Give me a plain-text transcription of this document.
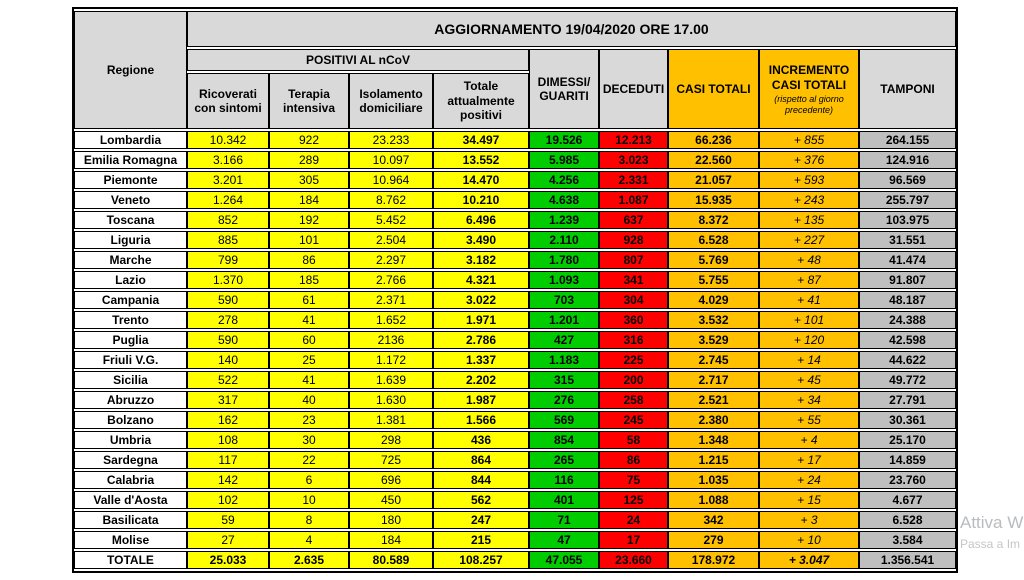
Regione	AGGIORNAMENTO 19/04/2020 ORE 17.00								
	POSITIVI AL nCoV				DIMESSI/ GUARITI	DECEDUTI	CASI TOTALI	INCREMENTO CASI TOTALI
(rispetto al giorno precedente)	TAMPONI
	Ricoverati con sintomi	Terapia intensiva	Isolamento domiciliare	Totale attualmente positivi					
Lombardia	10.342	922	23.233	34.497	19.526	12.213	66.236	+ 855	264.155
Emilia Romagna	3.166	289	10.097	13.552	5.985	3.023	22.560	+ 376	124.916
Piemonte	3.201	305	10.964	14.470	4.256	2.331	21.057	+ 593	96.569
Veneto	1.264	184	8.762	10.210	4.638	1.087	15.935	+ 243	255.797
Toscana	852	192	5.452	6.496	1.239	637	8.372	+ 135	103.975
Liguria	885	101	2.504	3.490	2.110	928	6.528	+ 227	31.551
Marche	799	86	2.297	3.182	1.780	807	5.769	+ 48	41.474
Lazio	1.370	185	2.766	4.321	1.093	341	5.755	+ 87	91.807
Campania	590	61	2.371	3.022	703	304	4.029	+ 41	48.187
Trento	278	41	1.652	1.971	1.201	360	3.532	+ 101	24.388
Puglia	590	60	2136	2.786	427	316	3.529	+ 120	42.598
Friuli V.G.	140	25	1.172	1.337	1.183	225	2.745	+ 14	44.622
Sicilia	522	41	1.639	2.202	315	200	2.717	+ 45	49.772
Abruzzo	317	40	1.630	1.987	276	258	2.521	+ 34	27.791
Bolzano	162	23	1.381	1.566	569	245	2.380	+ 55	30.361
Umbria	108	30	298	436	854	58	1.348	+ 4	25.170
Sardegna	117	22	725	864	265	86	1.215	+ 17	14.859
Calabria	142	6	696	844	116	75	1.035	+ 24	23.760
Valle d'Aosta	102	10	450	562	401	125	1.088	+ 15	4.677
Basilicata	59	8	180	247	71	24	342	+ 3	6.528
Molise	27	4	184	215	47	17	279	+ 10	3.584
TOTALE	25.033	2.635	80.589	108.257	47.055	23.660	178.972	+ 3.047	1.356.541
Attiva W
Passa a Im
